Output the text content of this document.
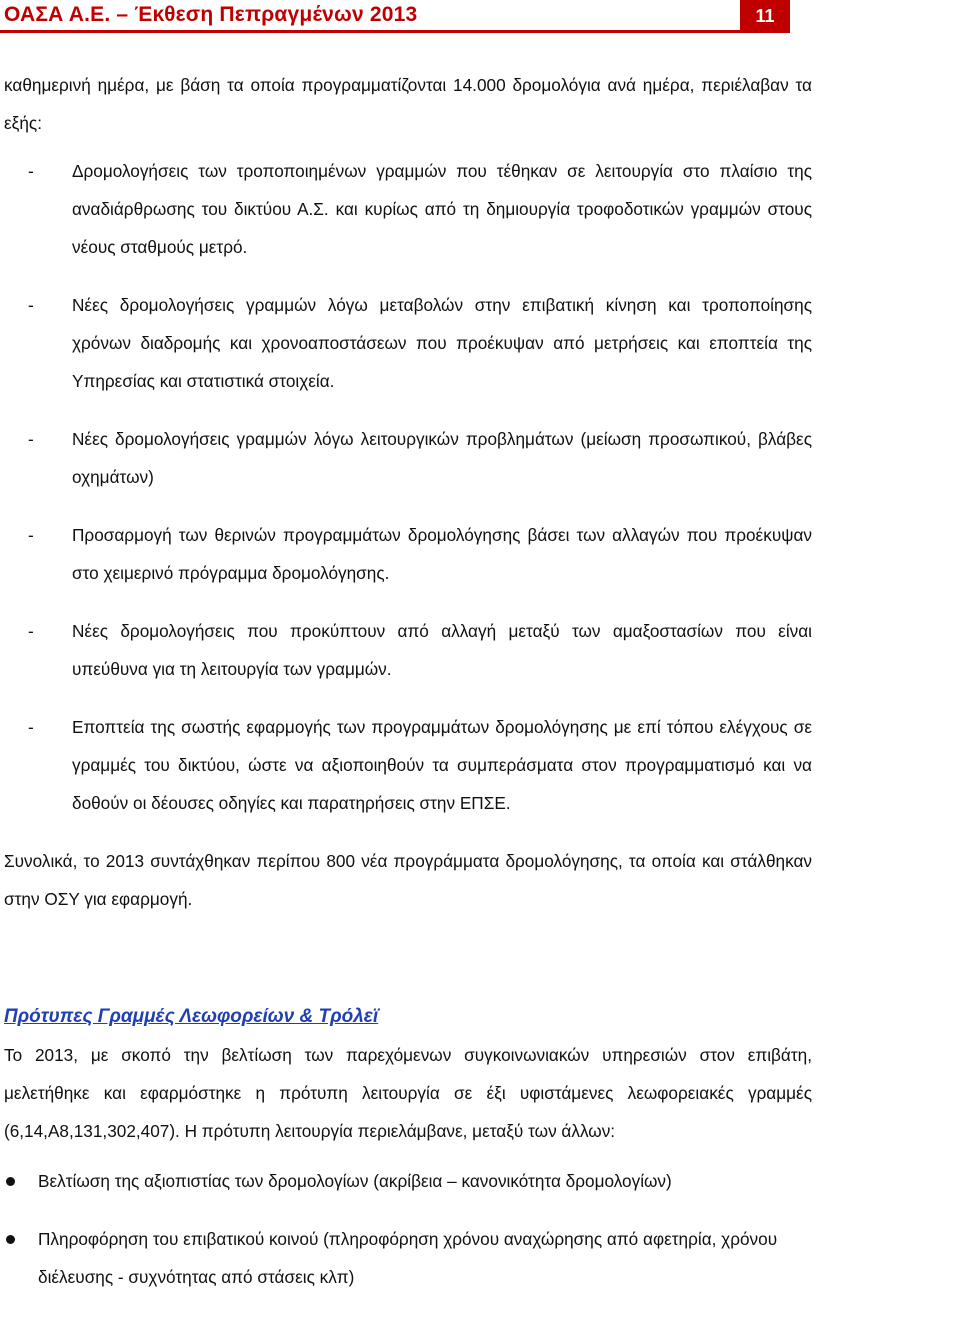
ΟΑΣΑ Α.Ε. – Έκθεση Πεπραγμένων 2013	11

καθημερινή ημέρα, με βάση τα οποία προγραμματίζονται 14.000 δρομολόγια ανά ημέρα, περιέλαβαν τα εξής:

- Δρομολογήσεις των τροποποιημένων γραμμών που τέθηκαν σε λειτουργία στο πλαίσιο της αναδιάρθρωσης του δικτύου Α.Σ. και κυρίως από τη δημιουργία τροφοδοτικών γραμμών στους νέους σταθμούς μετρό.
- Νέες δρομολογήσεις γραμμών λόγω μεταβολών στην επιβατική κίνηση και τροποποίησης χρόνων διαδρομής και χρονοαποστάσεων που προέκυψαν από μετρήσεις και εποπτεία της Υπηρεσίας και στατιστικά στοιχεία.
- Νέες δρομολογήσεις γραμμών λόγω λειτουργικών προβλημάτων (μείωση προσωπικού, βλάβες οχημάτων)
- Προσαρμογή των θερινών προγραμμάτων δρομολόγησης βάσει των αλλαγών που προέκυψαν στο χειμερινό πρόγραμμα δρομολόγησης.
- Νέες δρομολογήσεις που προκύπτουν από αλλαγή μεταξύ των αμαξοστασίων που είναι υπεύθυνα για τη λειτουργία των γραμμών.
- Εποπτεία της σωστής εφαρμογής των προγραμμάτων δρομολόγησης με επί τόπου ελέγχους σε γραμμές του δικτύου, ώστε να αξιοποιηθούν τα συμπεράσματα στον προγραμματισμό και να δοθούν οι δέουσες οδηγίες και παρατηρήσεις στην ΕΠΣΕ.

Συνολικά, το 2013 συντάχθηκαν περίπου 800 νέα προγράμματα δρομολόγησης, τα οποία και στάλθηκαν στην ΟΣΥ για εφαρμογή.

Πρότυπες Γραμμές Λεωφορείων & Τρόλεϊ

Το 2013, με σκοπό την βελτίωση των παρεχόμενων συγκοινωνιακών υπηρεσιών στον επιβάτη, μελετήθηκε και εφαρμόστηκε η πρότυπη λειτουργία σε έξι υφιστάμενες λεωφορειακές γραμμές (6,14,Α8,131,302,407). Η πρότυπη λειτουργία περιελάμβανε, μεταξύ των άλλων:

Βελτίωση της αξιοπιστίας των δρομολογίων (ακρίβεια – κανονικότητα δρομολογίων)
Πληροφόρηση του επιβατικού κοινού (πληροφόρηση χρόνου αναχώρησης από αφετηρία, χρόνου διέλευσης - συχνότητας από στάσεις κλπ)
